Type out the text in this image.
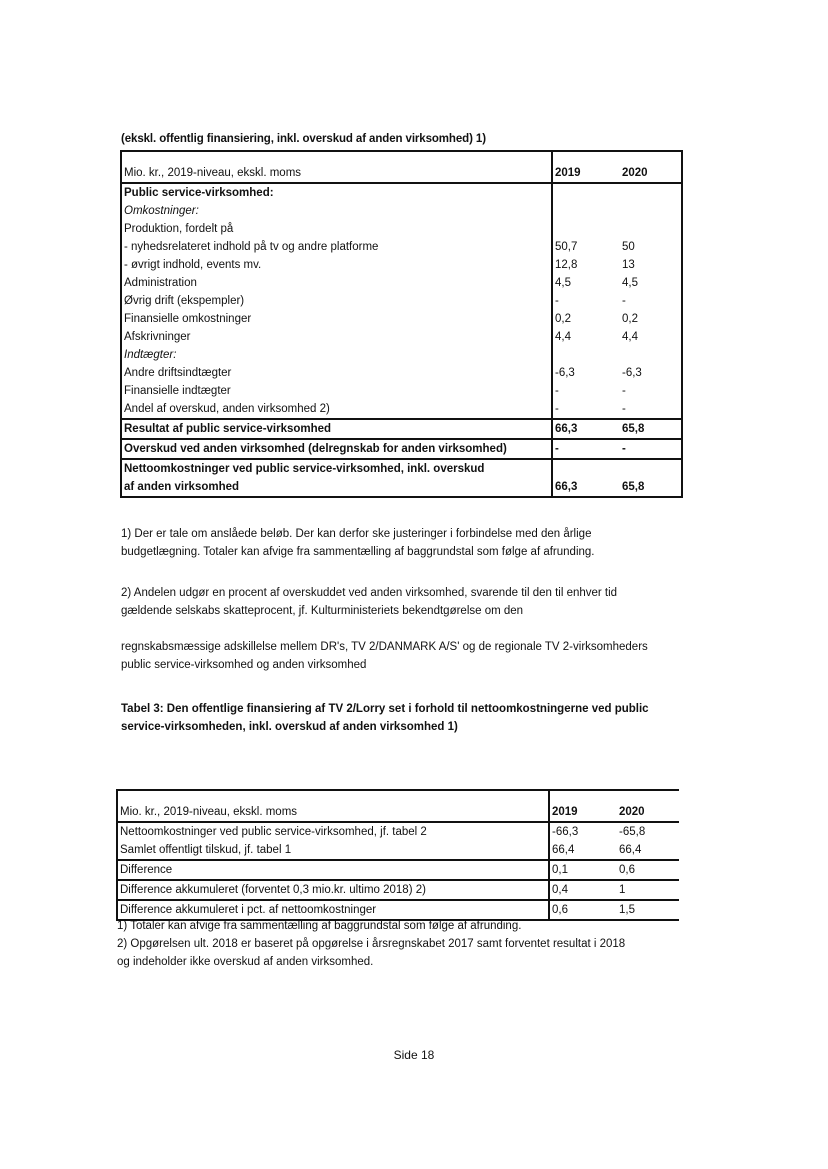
(ekskl. offentlig finansiering, inkl. overskud af anden virksomhed) 1)
Mio. kr., 2019-niveau, ekskl. moms	2019	2020
Public service-virksomhed:		
Omkostninger:		
Produktion, fordelt på		
- nyhedsrelateret indhold på tv og andre platforme	50,7	50
- øvrigt indhold, events mv.	12,8	13
Administration	4,5	4,5
Øvrig drift (ekspempler)	-	-
Finansielle omkostninger	0,2	0,2
Afskrivninger	4,4	4,4
Indtægter:		
Andre driftsindtægter	-6,3	-6,3
Finansielle indtægter	-	-
Andel af overskud, anden virksomhed 2)	-	-
Resultat af public service-virksomhed	66,3	65,8
Overskud ved anden virksomhed (delregnskab for anden virksomhed)	-	-
Nettoomkostninger ved public service-virksomhed, inkl. overskud		
af anden virksomhed	66,3	65,8
1) Der er tale om anslåede beløb. Der kan derfor ske justeringer i forbindelse med den årlige
budgetlægning. Totaler kan afvige fra sammentælling af baggrundstal som følge af afrunding.
2) Andelen udgør en procent af overskuddet ved anden virksomhed, svarende til den til enhver tid
gældende selskabs skatteprocent, jf. Kulturministeriets bekendtgørelse om den
regnskabsmæssige adskillelse mellem DR's, TV 2/DANMARK A/S' og de regionale TV 2-virksomheders
public service-virksomhed og anden virksomhed
Tabel 3: Den offentlige finansiering af TV 2/Lorry set i forhold til nettoomkostningerne ved public
service-virksomheden, inkl. overskud af anden virksomhed 1)
Mio. kr., 2019-niveau, ekskl. moms	2019	2020
Nettoomkostninger ved public service-virksomhed, jf. tabel 2	-66,3	-65,8
Samlet offentligt tilskud, jf. tabel 1	66,4	66,4
Difference	0,1	0,6
Difference akkumuleret (forventet 0,3 mio.kr. ultimo 2018) 2)	0,4	1
Difference akkumuleret i pct. af nettoomkostninger	0,6	1,5
1) Totaler kan afvige fra sammentælling af baggrundstal som følge af afrunding.
2) Opgørelsen ult. 2018 er baseret på opgørelse i årsregnskabet 2017 samt forventet resultat i 2018
og indeholder ikke overskud af anden virksomhed.
Side 18
